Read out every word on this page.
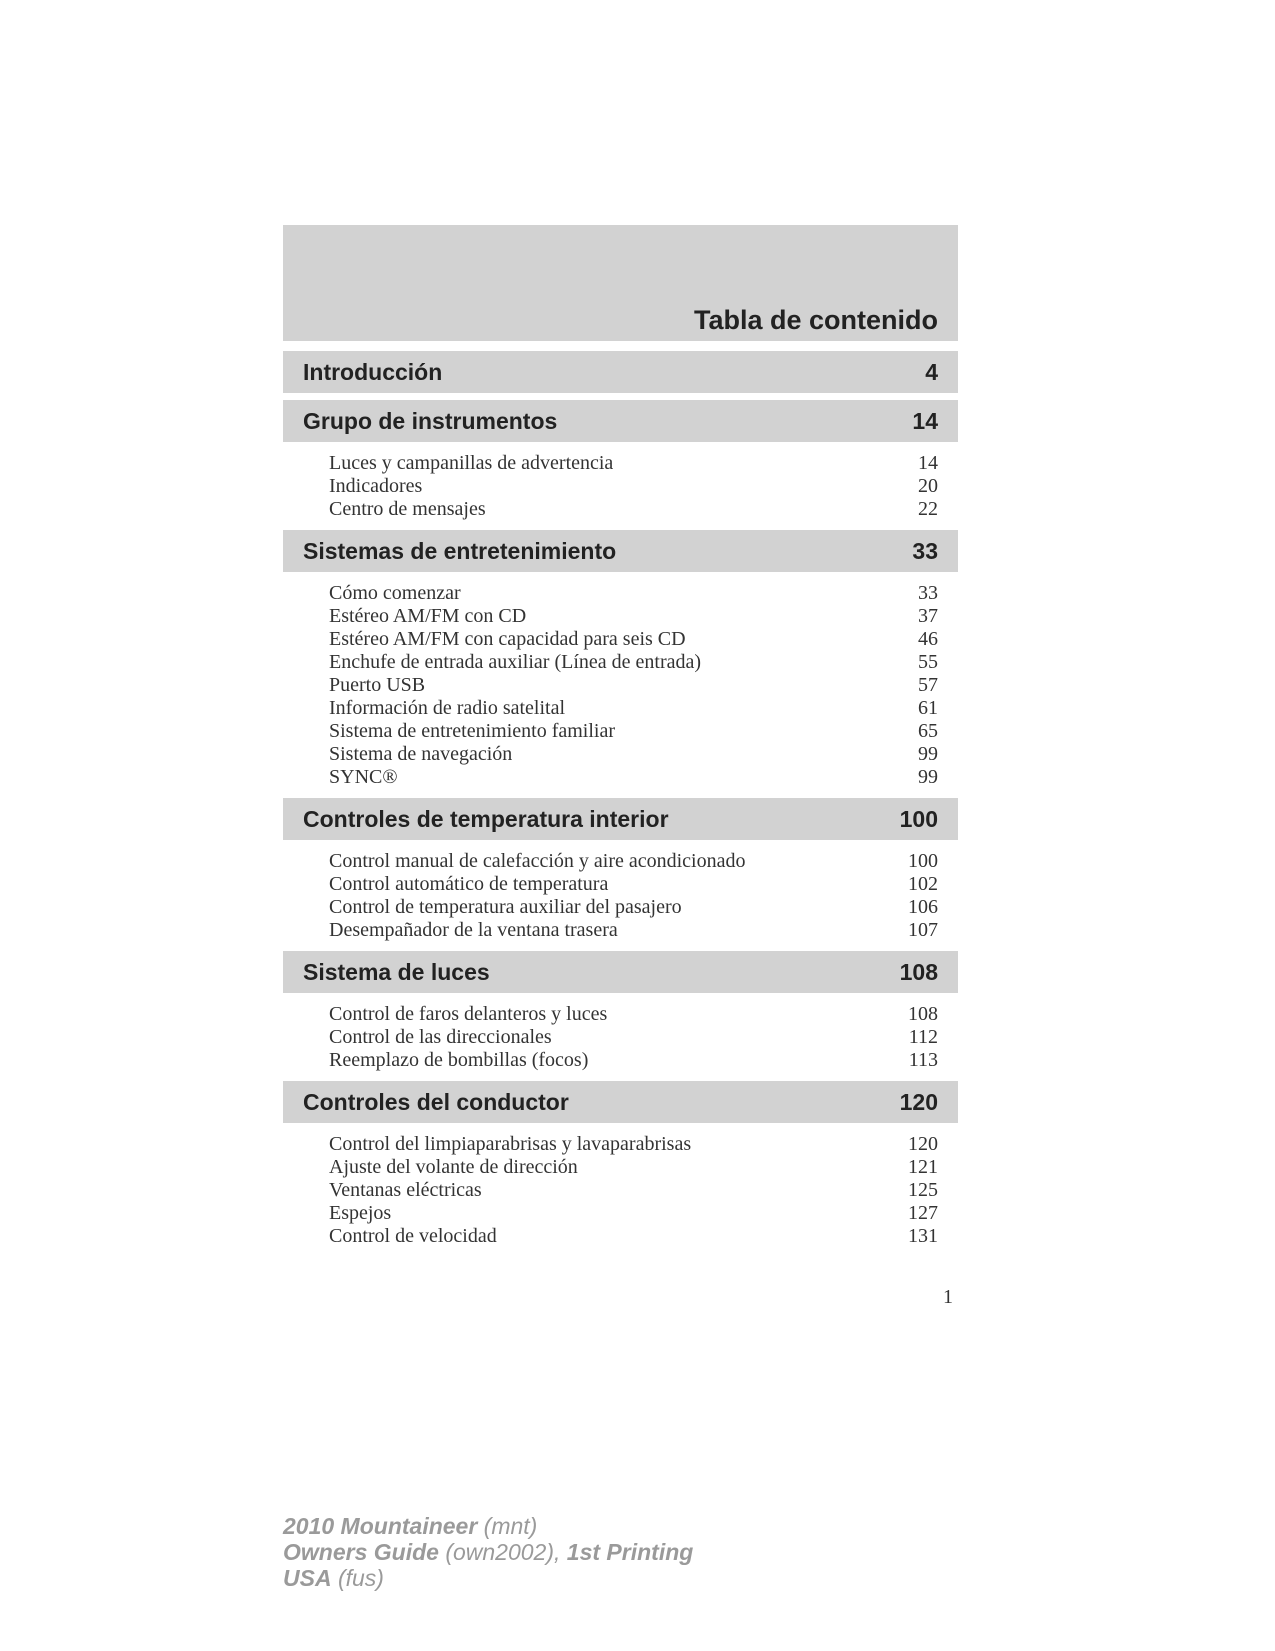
Tabla de contenido
Introducción	4
Grupo de instrumentos	14
Luces y campanillas de advertencia	14
Indicadores	20
Centro de mensajes	22
Sistemas de entretenimiento	33
Cómo comenzar	33
Estéreo AM/FM con CD	37
Estéreo AM/FM con capacidad para seis CD	46
Enchufe de entrada auxiliar (Línea de entrada)	55
Puerto USB	57
Información de radio satelital	61
Sistema de entretenimiento familiar	65
Sistema de navegación	99
SYNC®	99
Controles de temperatura interior	100
Control manual de calefacción y aire acondicionado	100
Control automático de temperatura	102
Control de temperatura auxiliar del pasajero	106
Desempañador de la ventana trasera	107
Sistema de luces	108
Control de faros delanteros y luces	108
Control de las direccionales	112
Reemplazo de bombillas (focos)	113
Controles del conductor	120
Control del limpiaparabrisas y lavaparabrisas	120
Ajuste del volante de dirección	121
Ventanas eléctricas	125
Espejos	127
Control de velocidad	131
1
2010 Mountaineer (mnt)
Owners Guide (own2002), 1st Printing
USA (fus)
